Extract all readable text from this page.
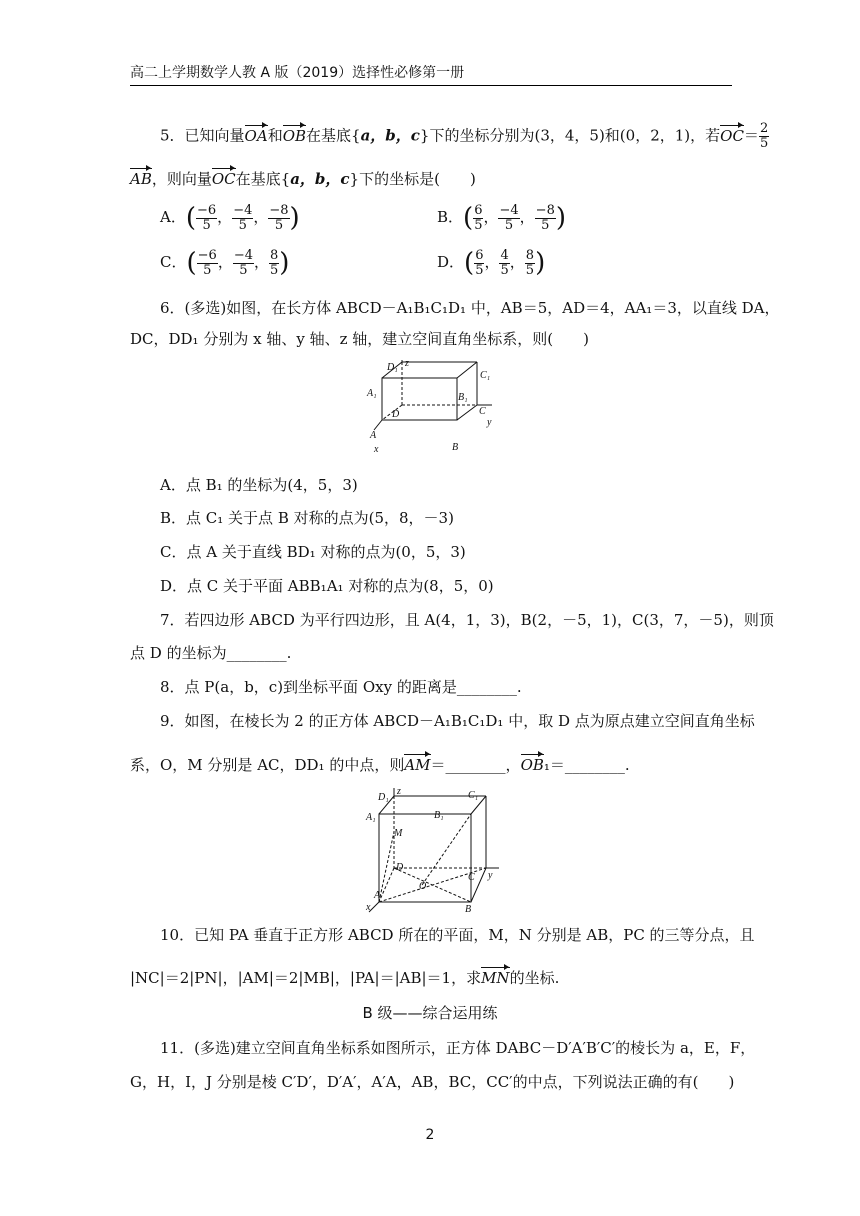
高二上学期数学人教 A 版（2019）选择性必修第一册
5．已知向量OA和OB在基底{a，b，c}下的坐标分别为(3，4，5)和(0，2，1)，若$OC= \frac{2}{5}$
AB，则向量OC在基底{a，b，c}下的坐标是(　　)
A．( $\frac{-6}{5}$ ， $\frac{-4}{5}$ ， $\frac{-8}{5}$ )	B．( $\frac{6}{5}$ ， $\frac{-4}{5}$ ， $\frac{-8}{5}$ )
C．( $\frac{-6}{5}$ ， $\frac{-4}{5}$ ， $\frac{8}{5}$ )	D．( $\frac{6}{5}$ ， $\frac{4}{5}$ ， $\frac{8}{5}$ )
6．(多选)如图，在长方体 ABCD－A₁B₁C₁D₁ 中，AB＝5，AD＝4，AA₁＝3，以直线 DA，
DC，DD₁ 分别为 x 轴、y 轴、z 轴，建立空间直角坐标系，则(　　)
D₁ z
C₁
A₁	B₁
D	C
y
A
B
x
A．点 B₁ 的坐标为(4，5，3)
B．点 C₁ 关于点 B 对称的点为(5，8，－3)
C．点 A 关于直线 BD₁ 对称的点为(0，5，3)
D．点 C 关于平面 ABB₁A₁ 对称的点为(8，5，0)
7．若四边形 ABCD 为平行四边形，且 A(4，1，3)，B(2，－5，1)，C(3，7，－5)，则顶
点 D 的坐标为________.
8．点 P(a，b，c)到坐标平面 Oxy 的距离是________.
9．如图，在棱长为 2 的正方体 ABCD－A₁B₁C₁D₁ 中，取 D 点为原点建立空间直角坐标
系，O，M 分别是 AC，DD₁ 的中点，则AM＝________，OB₁＝________.
D₁
z	C₁
A₁	B₁
M
D
O
C y
A
B
x
10．已知 PA 垂直于正方形 ABCD 所在的平面，M，N 分别是 AB，PC 的三等分点，且
|NC|＝2|PN|，|AM|＝2|MB|，|PA|＝|AB|＝1，求MN的坐标.
B 级——综合运用练
11．(多选)建立空间直角坐标系如图所示，正方体 DABC－D′A′B′C′的棱长为 a，E，F，
G，H，I，J 分别是棱 C′D′，D′A′，A′A，AB，BC，CC′的中点，下列说法正确的有(　　)
2
